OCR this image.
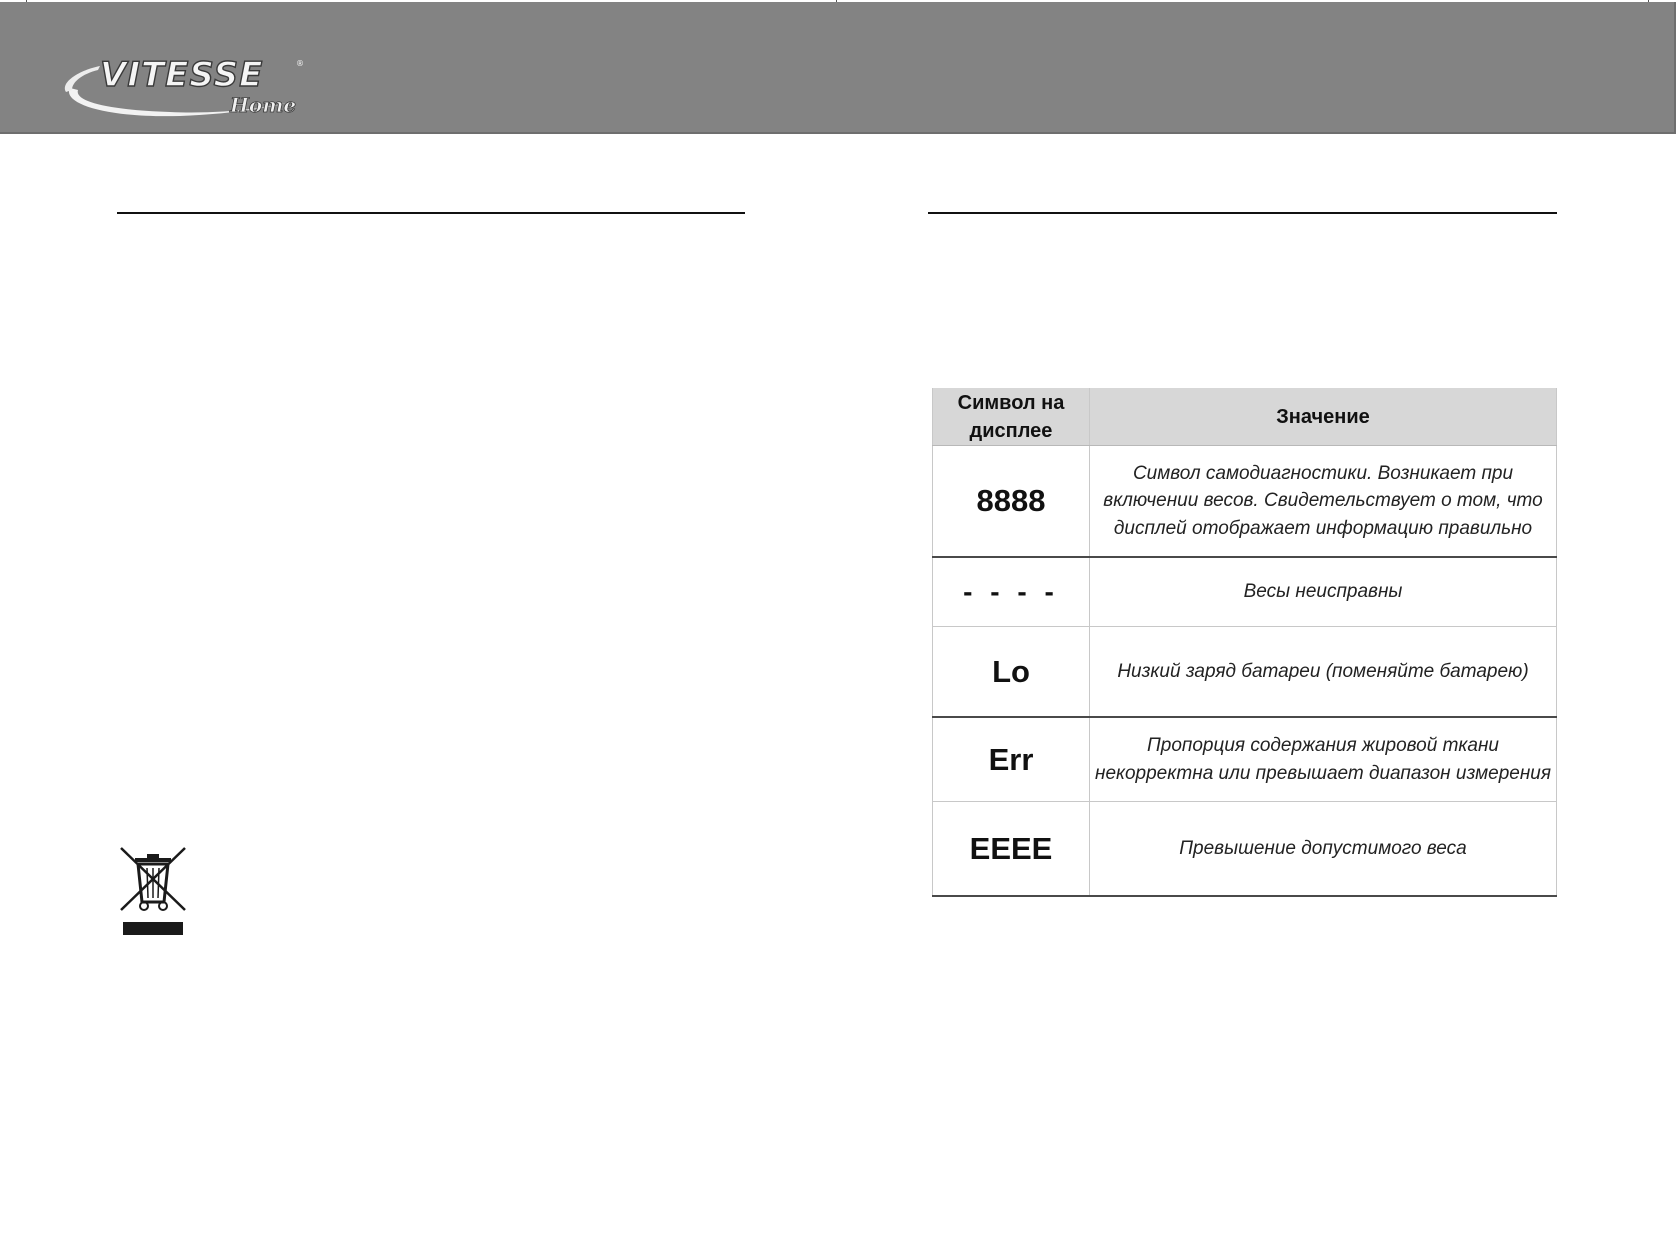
VITESSE	®
Home
Символ на дисплее	Значение
8888	Символ самодиагностики. Возникает при включении весов. Свидетельствует о том, что дисплей отображает информацию правильно
- - - -	Весы неисправны
Lo	Низкий заряд батареи (поменяйте батарею)
Err	Пропорция содержания жировой ткани некорректна или превышает диапазон измерения
EEEE	Превышение допустимого веса
